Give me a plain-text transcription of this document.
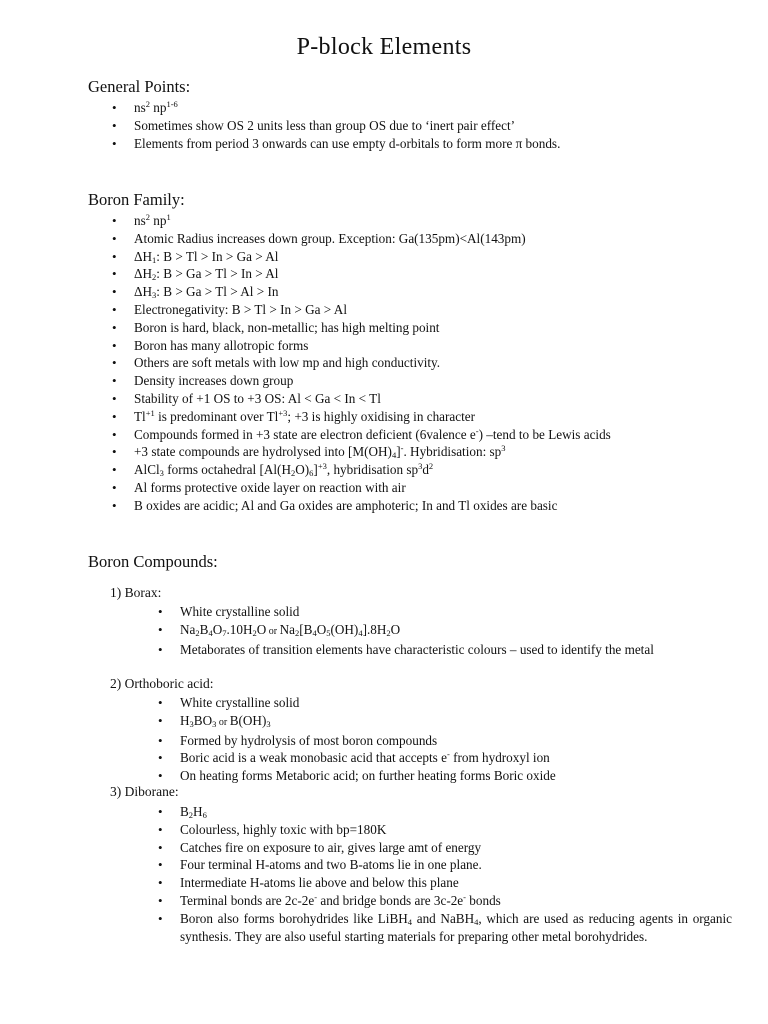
P-block Elements
General Points:
• $ns^2$ $np^{1-6}$
• Sometimes show OS 2 units less than group OS due to ‘inert pair effect’
• Elements from period 3 onwards can use empty d-orbitals to form more π bonds.
Boron Family:
• $ns^2$ $np^1$
• Atomic Radius increases down group. Exception: Ga(135pm)<Al(143pm)
• $\Delta H_1$: B > Tl > In > Ga > Al
• $\Delta H_2$: B > Ga > Tl > In > Al
• $\Delta H_3$: B > Ga > Tl > Al > In
• Electronegativity: B > Tl > In > Ga > Al
• Boron is hard, black, non-metallic; has high melting point
• Boron has many allotropic forms
• Others are soft metals with low mp and high conductivity.
• Density increases down group
• Stability of +1 OS to +3 OS: Al < Ga < In < Tl
• $Tl^{+1}$ is predominant over $Tl^{+3}$; +3 is highly oxidising in character
• Compounds formed in +3 state are electron deficient (6valence e-) –tend to be Lewis acids
• +3 state compounds are hydrolysed into $[M(OH)_4]^-$. Hybridisation: $sp^3$
• AlCl$_3$ forms octahedral $[Al(H_2O)_6]^{+3}$, hybridisation $sp^3d^2$
• Al forms protective oxide layer on reaction with air
• B oxides are acidic; Al and Ga oxides are amphoteric; In and Tl oxides are basic
Boron Compounds:
1) Borax:
• White crystalline solid
• $Na_2B_4O_7.10H_2O$ or $Na_2[B_4O_5(OH)_4].8H_2O$
• Metaborates of transition elements have characteristic colours – used to identify the metal
2) Orthoboric acid:
• White crystalline solid
• $H_3BO_3$ or $B(OH)_3$
• Formed by hydrolysis of most boron compounds
• Boric acid is a weak monobasic acid that accepts e- from hydroxyl ion
• On heating forms Metaboric acid; on further heating forms Boric oxide
3) Diborane:
• $B_2H_6$
• Colourless, highly toxic with bp=180K
• Catches fire on exposure to air, gives large amt of energy
• Four terminal H-atoms and two B-atoms lie in one plane.
• Intermediate H-atoms lie above and below this plane
• Terminal bonds are 2c-2e- and bridge bonds are 3c-2e- bonds
• Boron also forms borohydrides like LiBH$_4$ and NaBH$_4$, which are used as reducing agents in organic synthesis. They are also useful starting materials for preparing other metal borohydrides.
